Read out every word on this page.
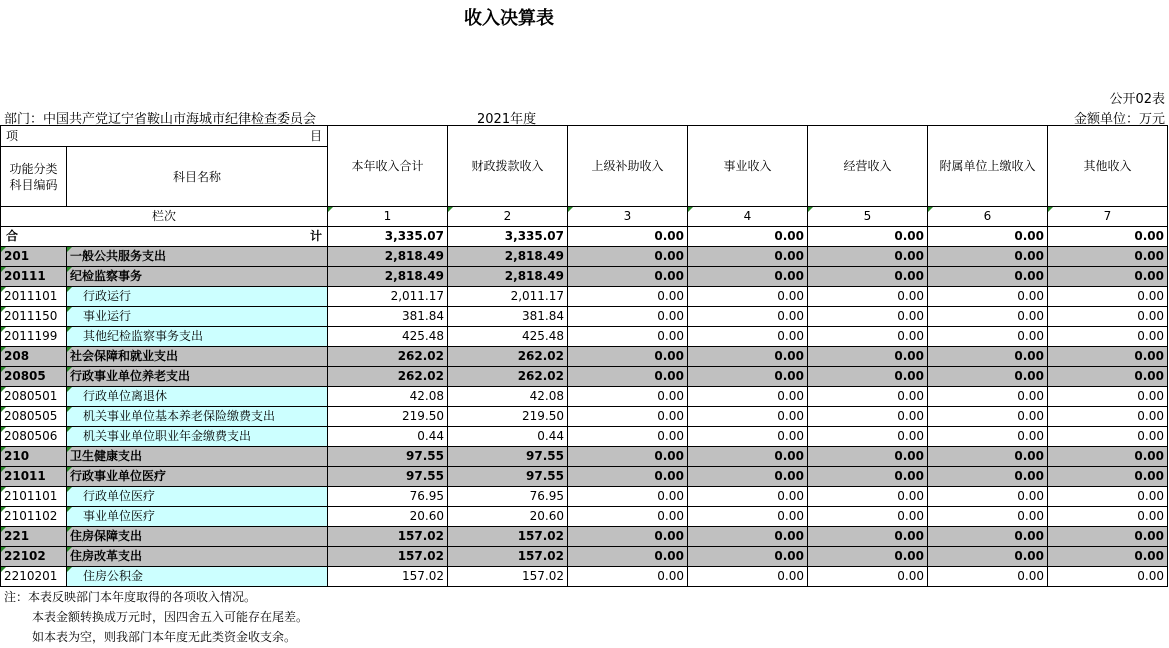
收入决算表
公开02表
部门：中国共产党辽宁省鞍山市海城市纪律检查委员会	2021年度	金额单位：万元
项 目		本年收入合计	财政拨款收入	上级补助收入	事业收入	经营收入	附属单位上缴收入	其他收入
功能分类
科目编码	科目名称							
栏次		1	2	3	4	5	6	7

合 计		3,335.07	3,335.07	0.00	0.00	0.00	0.00	0.00
201	一般公共服务支出	2,818.49	2,818.49	0.00	0.00	0.00	0.00	0.00
20111	纪检监察事务	2,818.49	2,818.49	0.00	0.00	0.00	0.00	0.00
2011101	行政运行	2,011.17	2,011.17	0.00	0.00	0.00	0.00	0.00
2011150	事业运行	381.84	381.84	0.00	0.00	0.00	0.00	0.00
2011199	其他纪检监察事务支出	425.48	425.48	0.00	0.00	0.00	0.00	0.00
208	社会保障和就业支出	262.02	262.02	0.00	0.00	0.00	0.00	0.00
20805	行政事业单位养老支出	262.02	262.02	0.00	0.00	0.00	0.00	0.00
2080501	行政单位离退休	42.08	42.08	0.00	0.00	0.00	0.00	0.00
2080505	机关事业单位基本养老保险缴费支出	219.50	219.50	0.00	0.00	0.00	0.00	0.00
2080506	机关事业单位职业年金缴费支出	0.44	0.44	0.00	0.00	0.00	0.00	0.00
210	卫生健康支出	97.55	97.55	0.00	0.00	0.00	0.00	0.00
21011	行政事业单位医疗	97.55	97.55	0.00	0.00	0.00	0.00	0.00
2101101	行政单位医疗	76.95	76.95	0.00	0.00	0.00	0.00	0.00
2101102	事业单位医疗	20.60	20.60	0.00	0.00	0.00	0.00	0.00
221	住房保障支出	157.02	157.02	0.00	0.00	0.00	0.00	0.00
22102	住房改革支出	157.02	157.02	0.00	0.00	0.00	0.00	0.00
2210201	住房公积金	157.02	157.02	0.00	0.00	0.00	0.00	0.00
注：本表反映部门本年度取得的各项收入情况。
本表金额转换成万元时，因四舍五入可能存在尾差。
如本表为空，则我部门本年度无此类资金收支余。
